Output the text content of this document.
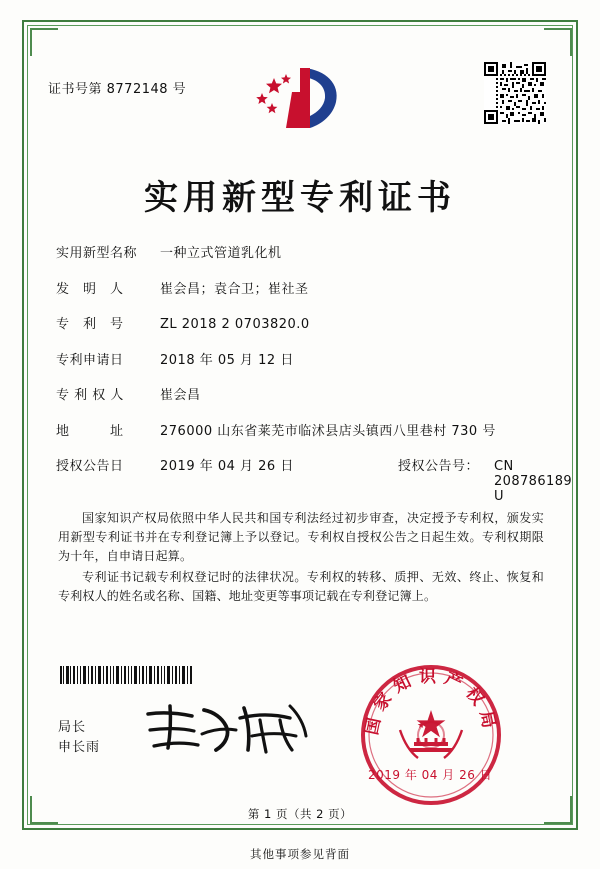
证书号第 8772148 号
实用新型专利证书
实用新型名称	一种立式管道乳化机
发　明　人	崔会昌；袁合卫；崔社圣
专　利　号	ZL 2018 2 0703820.0
专利申请日	2018 年 05 月 12 日
专 利 权 人	崔会昌
地　　　址	276000 山东省莱芜市临沭县店头镇西八里巷村 730 号
授权公告日	2019 年 04 月 26 日	授权公告号：	CN 208786189 U

国家知识产权局依照中华人民共和国专利法经过初步审查，决定授予专利权，颁发实用新型专利证书并在专利登记簿上予以登记。专利权自授权公告之日起生效。专利权期限为十年，自申请日起算。

专利证书记载专利权登记时的法律状况。专利权的转移、质押、无效、终止、恢复和专利权人的姓名或名称、国籍、地址变更等事项记载在专利登记簿上。

局长
申长雨
国家知识产权局
2019 年 04 月 26 日
第 1 页（共 2 页）
其他事项参见背面
